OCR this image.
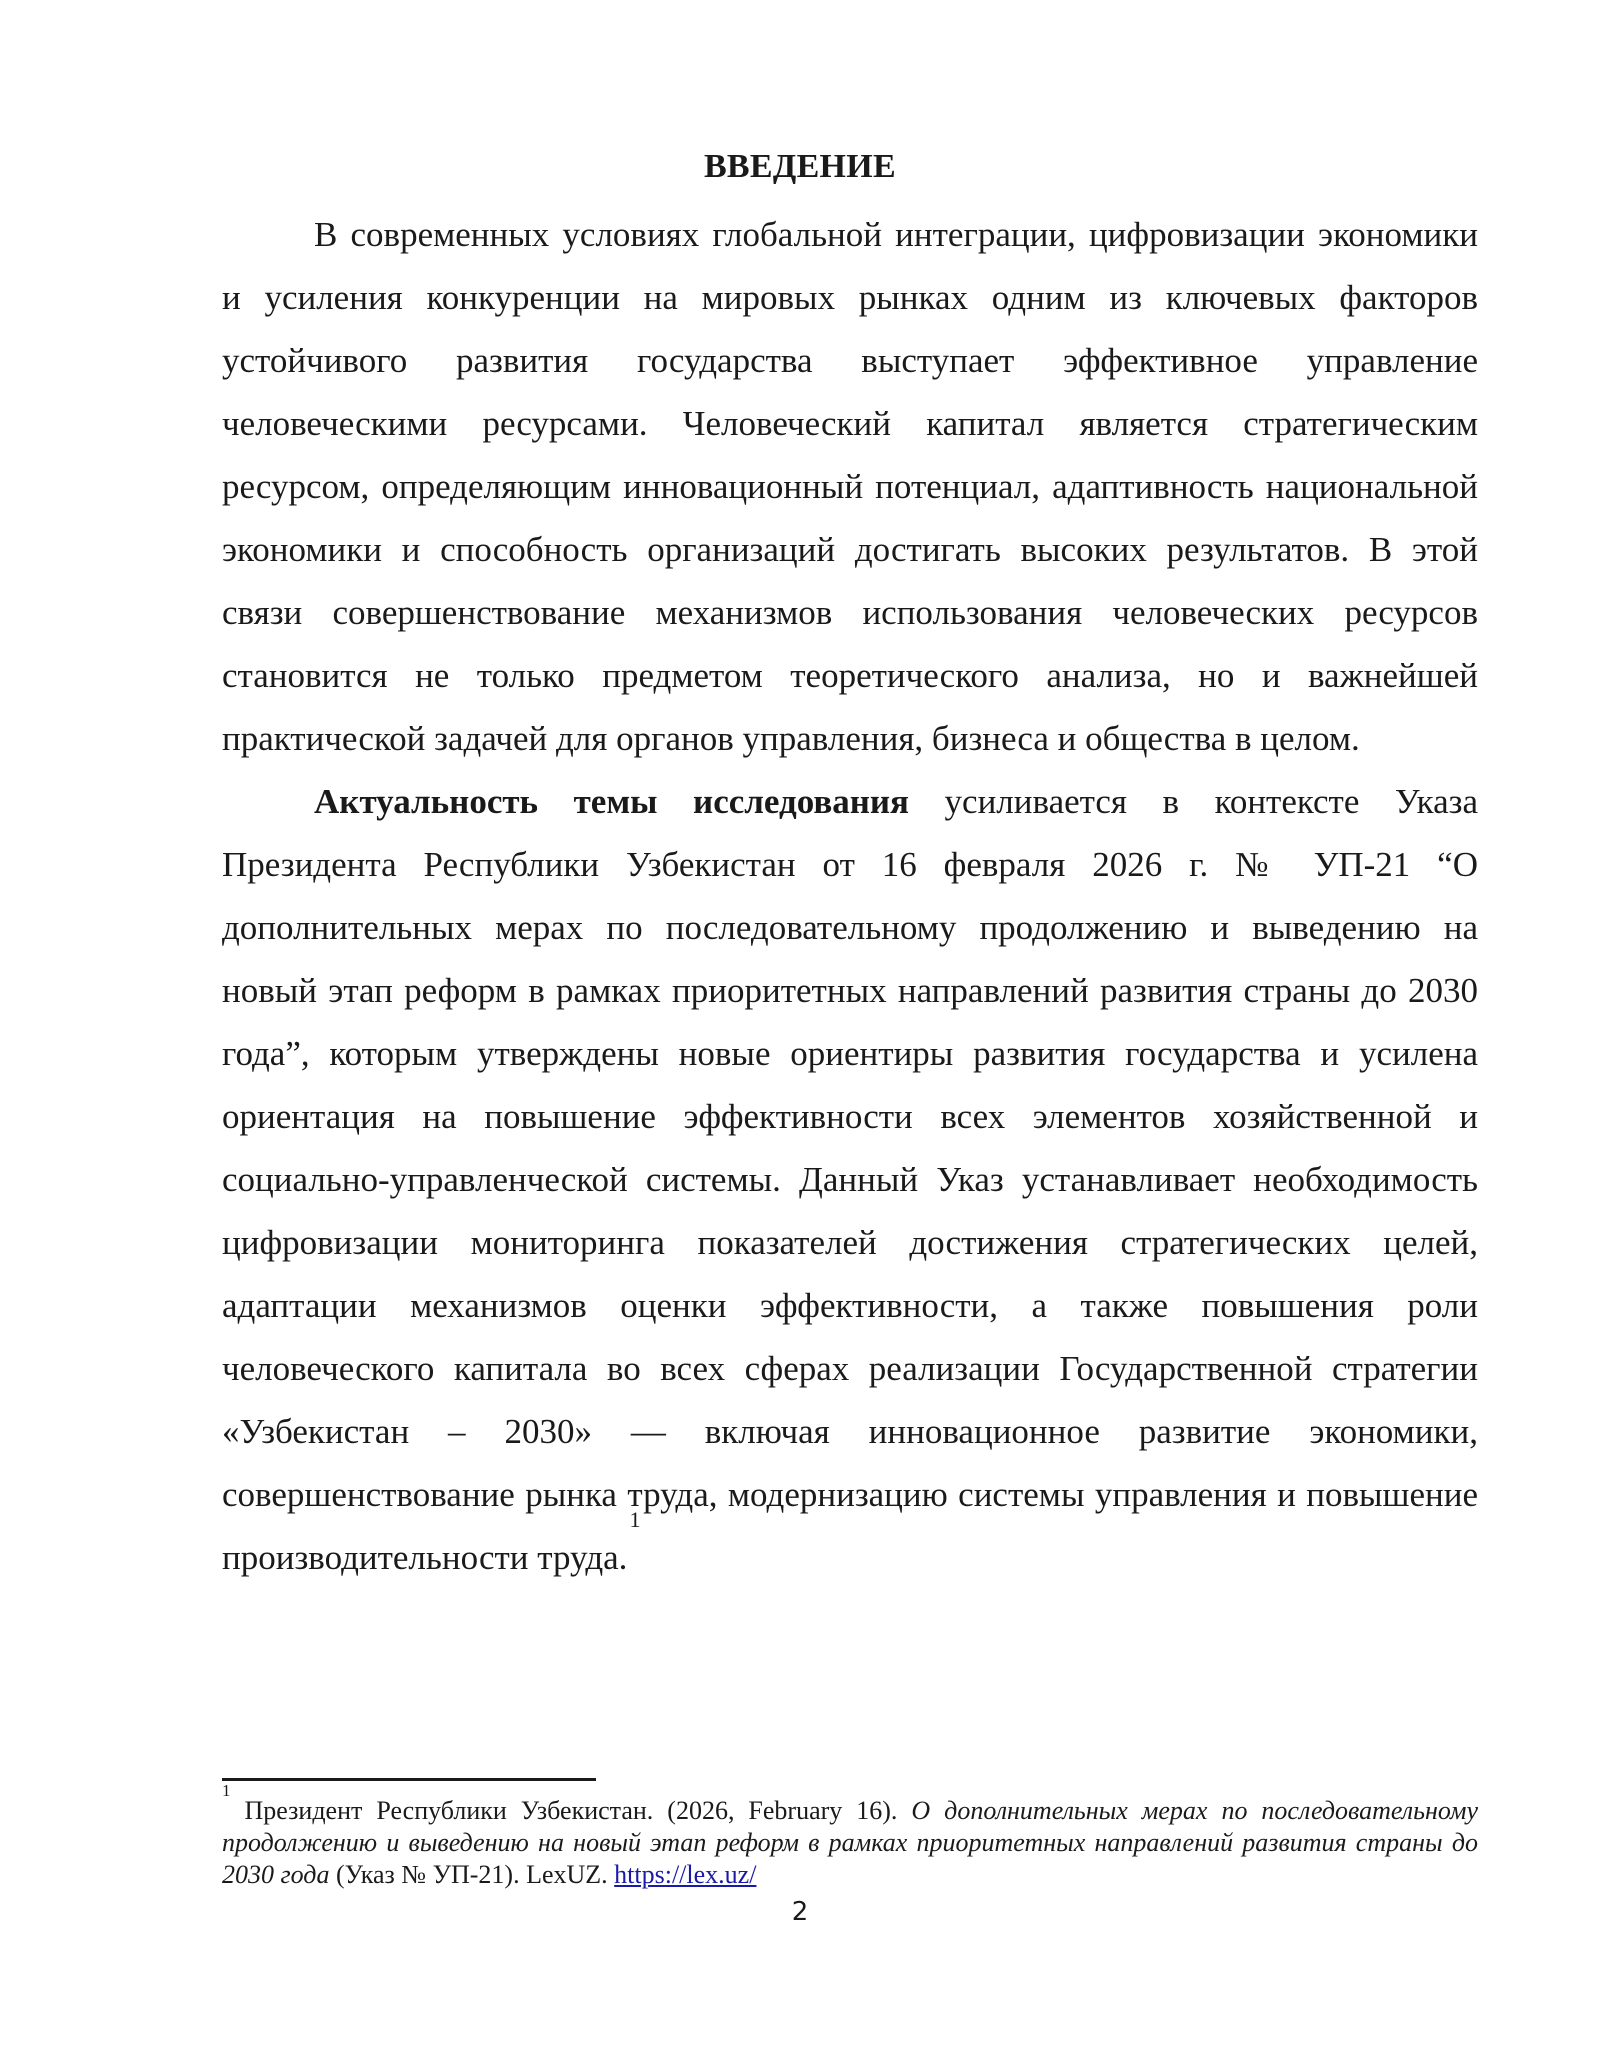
ВВЕДЕНИЕ

В современных условиях глобальной интеграции, цифровизации экономики и усиления конкуренции на мировых рынках одним из ключевых факторов устойчивого развития государства выступает эффективное управление человеческими ресурсами. Человеческий капитал является стратегическим ресурсом, определяющим инновационный потенциал, адаптивность национальной экономики и способность организаций достигать высоких результатов. В этой связи совершенствование механизмов использования человеческих ресурсов становится не только предметом теоретического анализа, но и важнейшей практической задачей для органов управления, бизнеса и общества в целом.

Актуальность темы исследования усиливается в контексте Указа Президента Республики Узбекистан от 16 февраля 2026 г. № УП-21 “О дополнительных мерах по последовательному продолжению и выведению на новый этап реформ в рамках приоритетных направлений развития страны до 2030 года”, которым утверждены новые ориентиры развития государства и усилена ориентация на повышение эффективности всех элементов хозяйственной и социально-управленческой системы. Данный Указ устанавливает необходимость цифровизации мониторинга показателей достижения стратегических целей, адаптации механизмов оценки эффективности, а также повышения роли человеческого капитала во всех сферах реализации Государственной стратегии «Узбекистан – 2030» — включая инновационное развитие экономики, совершенствование рынка труда, модернизацию системы управления и повышение производительности труда.$^1$

$^1$Президент Республики Узбекистан. (2026, February 16). О дополнительных мерах по последовательному продолжению и выведению на новый этап реформ в рамках приоритетных направлений развития страны до 2030 года (Указ № УП-21). LexUZ. https://lex.uz/
2
